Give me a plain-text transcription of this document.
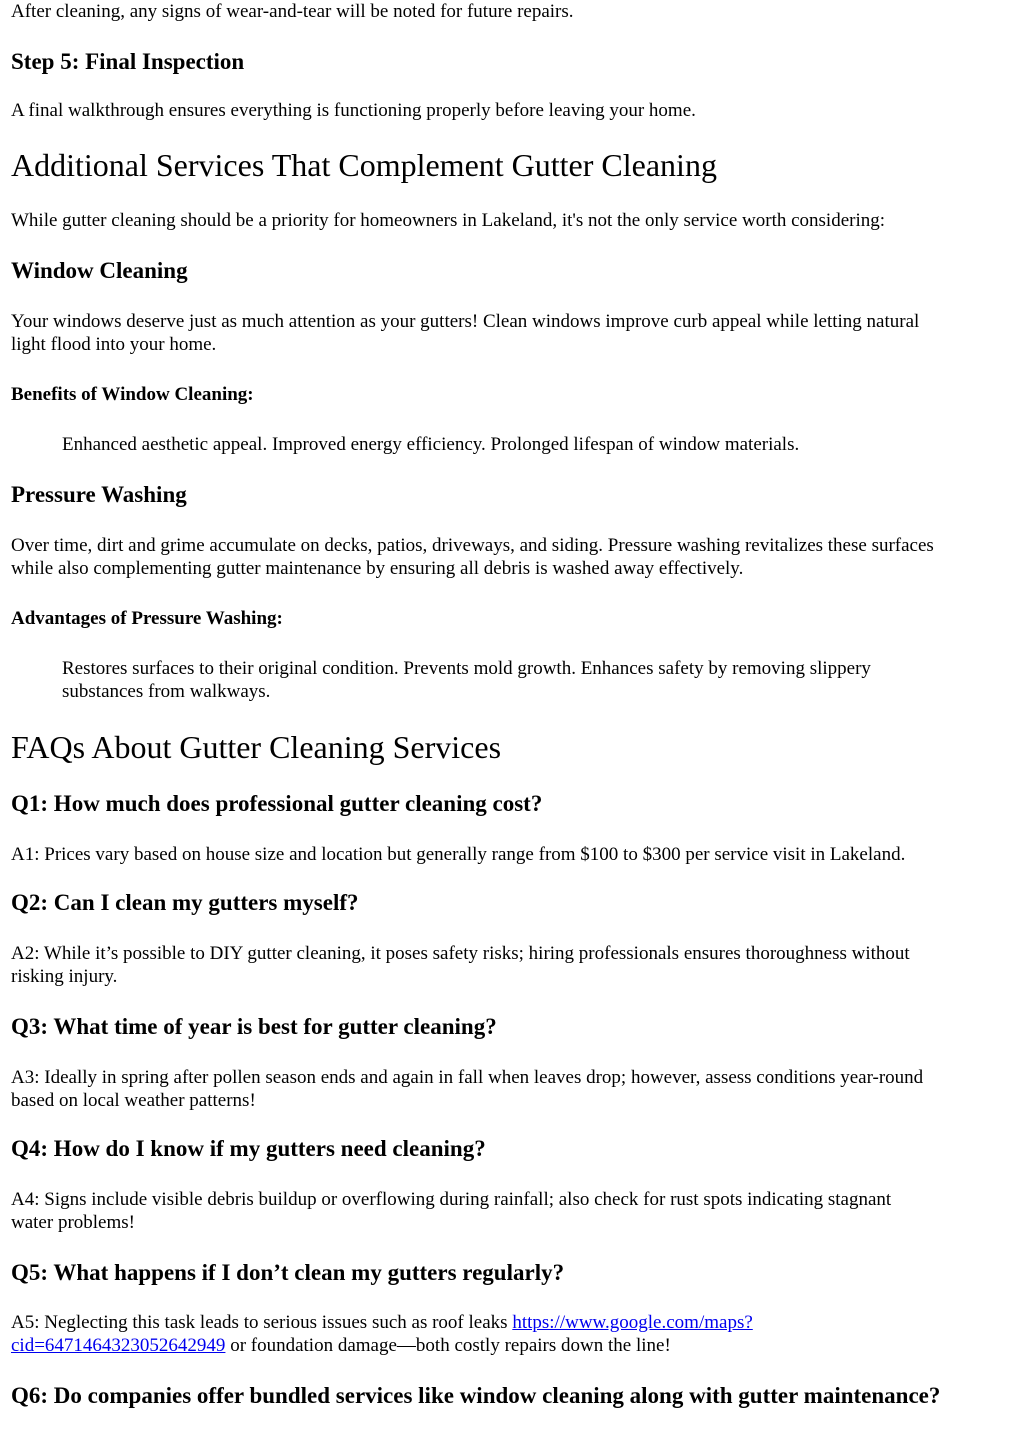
After cleaning, any signs of wear-and-tear will be noted for future repairs.

Step 5: Final Inspection

A final walkthrough ensures everything is functioning properly before leaving your home.

Additional Services That Complement Gutter Cleaning

While gutter cleaning should be a priority for homeowners in Lakeland, it's not the only service worth considering:

Window Cleaning
Your windows deserve just as much attention as your gutters! Clean windows improve curb appeal while letting natural
light flood into your home.
Benefits of Window Cleaning:

Enhanced aesthetic appeal. Improved energy efficiency. Prolonged lifespan of window materials.

Pressure Washing
Over time, dirt and grime accumulate on decks, patios, driveways, and siding. Pressure washing revitalizes these surfaces
while also complementing gutter maintenance by ensuring all debris is washed away effectively.
Advantages of Pressure Washing:
Restores surfaces to their original condition. Prevents mold growth. Enhances safety by removing slippery
substances from walkways.
FAQs About Gutter Cleaning Services
Q1: How much does professional gutter cleaning cost?

A1: Prices vary based on house size and location but generally range from $100 to $300 per service visit in Lakeland.

Q2: Can I clean my gutters myself?
A2: While it’s possible to DIY gutter cleaning, it poses safety risks; hiring professionals ensures thoroughness without
risking injury.
Q3: What time of year is best for gutter cleaning?
A3: Ideally in spring after pollen season ends and again in fall when leaves drop; however, assess conditions year-round
based on local weather patterns!
Q4: How do I know if my gutters need cleaning?
A4: Signs include visible debris buildup or overflowing during rainfall; also check for rust spots indicating stagnant
water problems!
Q5: What happens if I don’t clean my gutters regularly?
A5: Neglecting this task leads to serious issues such as roof leaks https://www.google.com/maps?
cid=6471464323052642949 or foundation damage—both costly repairs down the line!
Q6: Do companies offer bundled services like window cleaning along with gutter maintenance?
